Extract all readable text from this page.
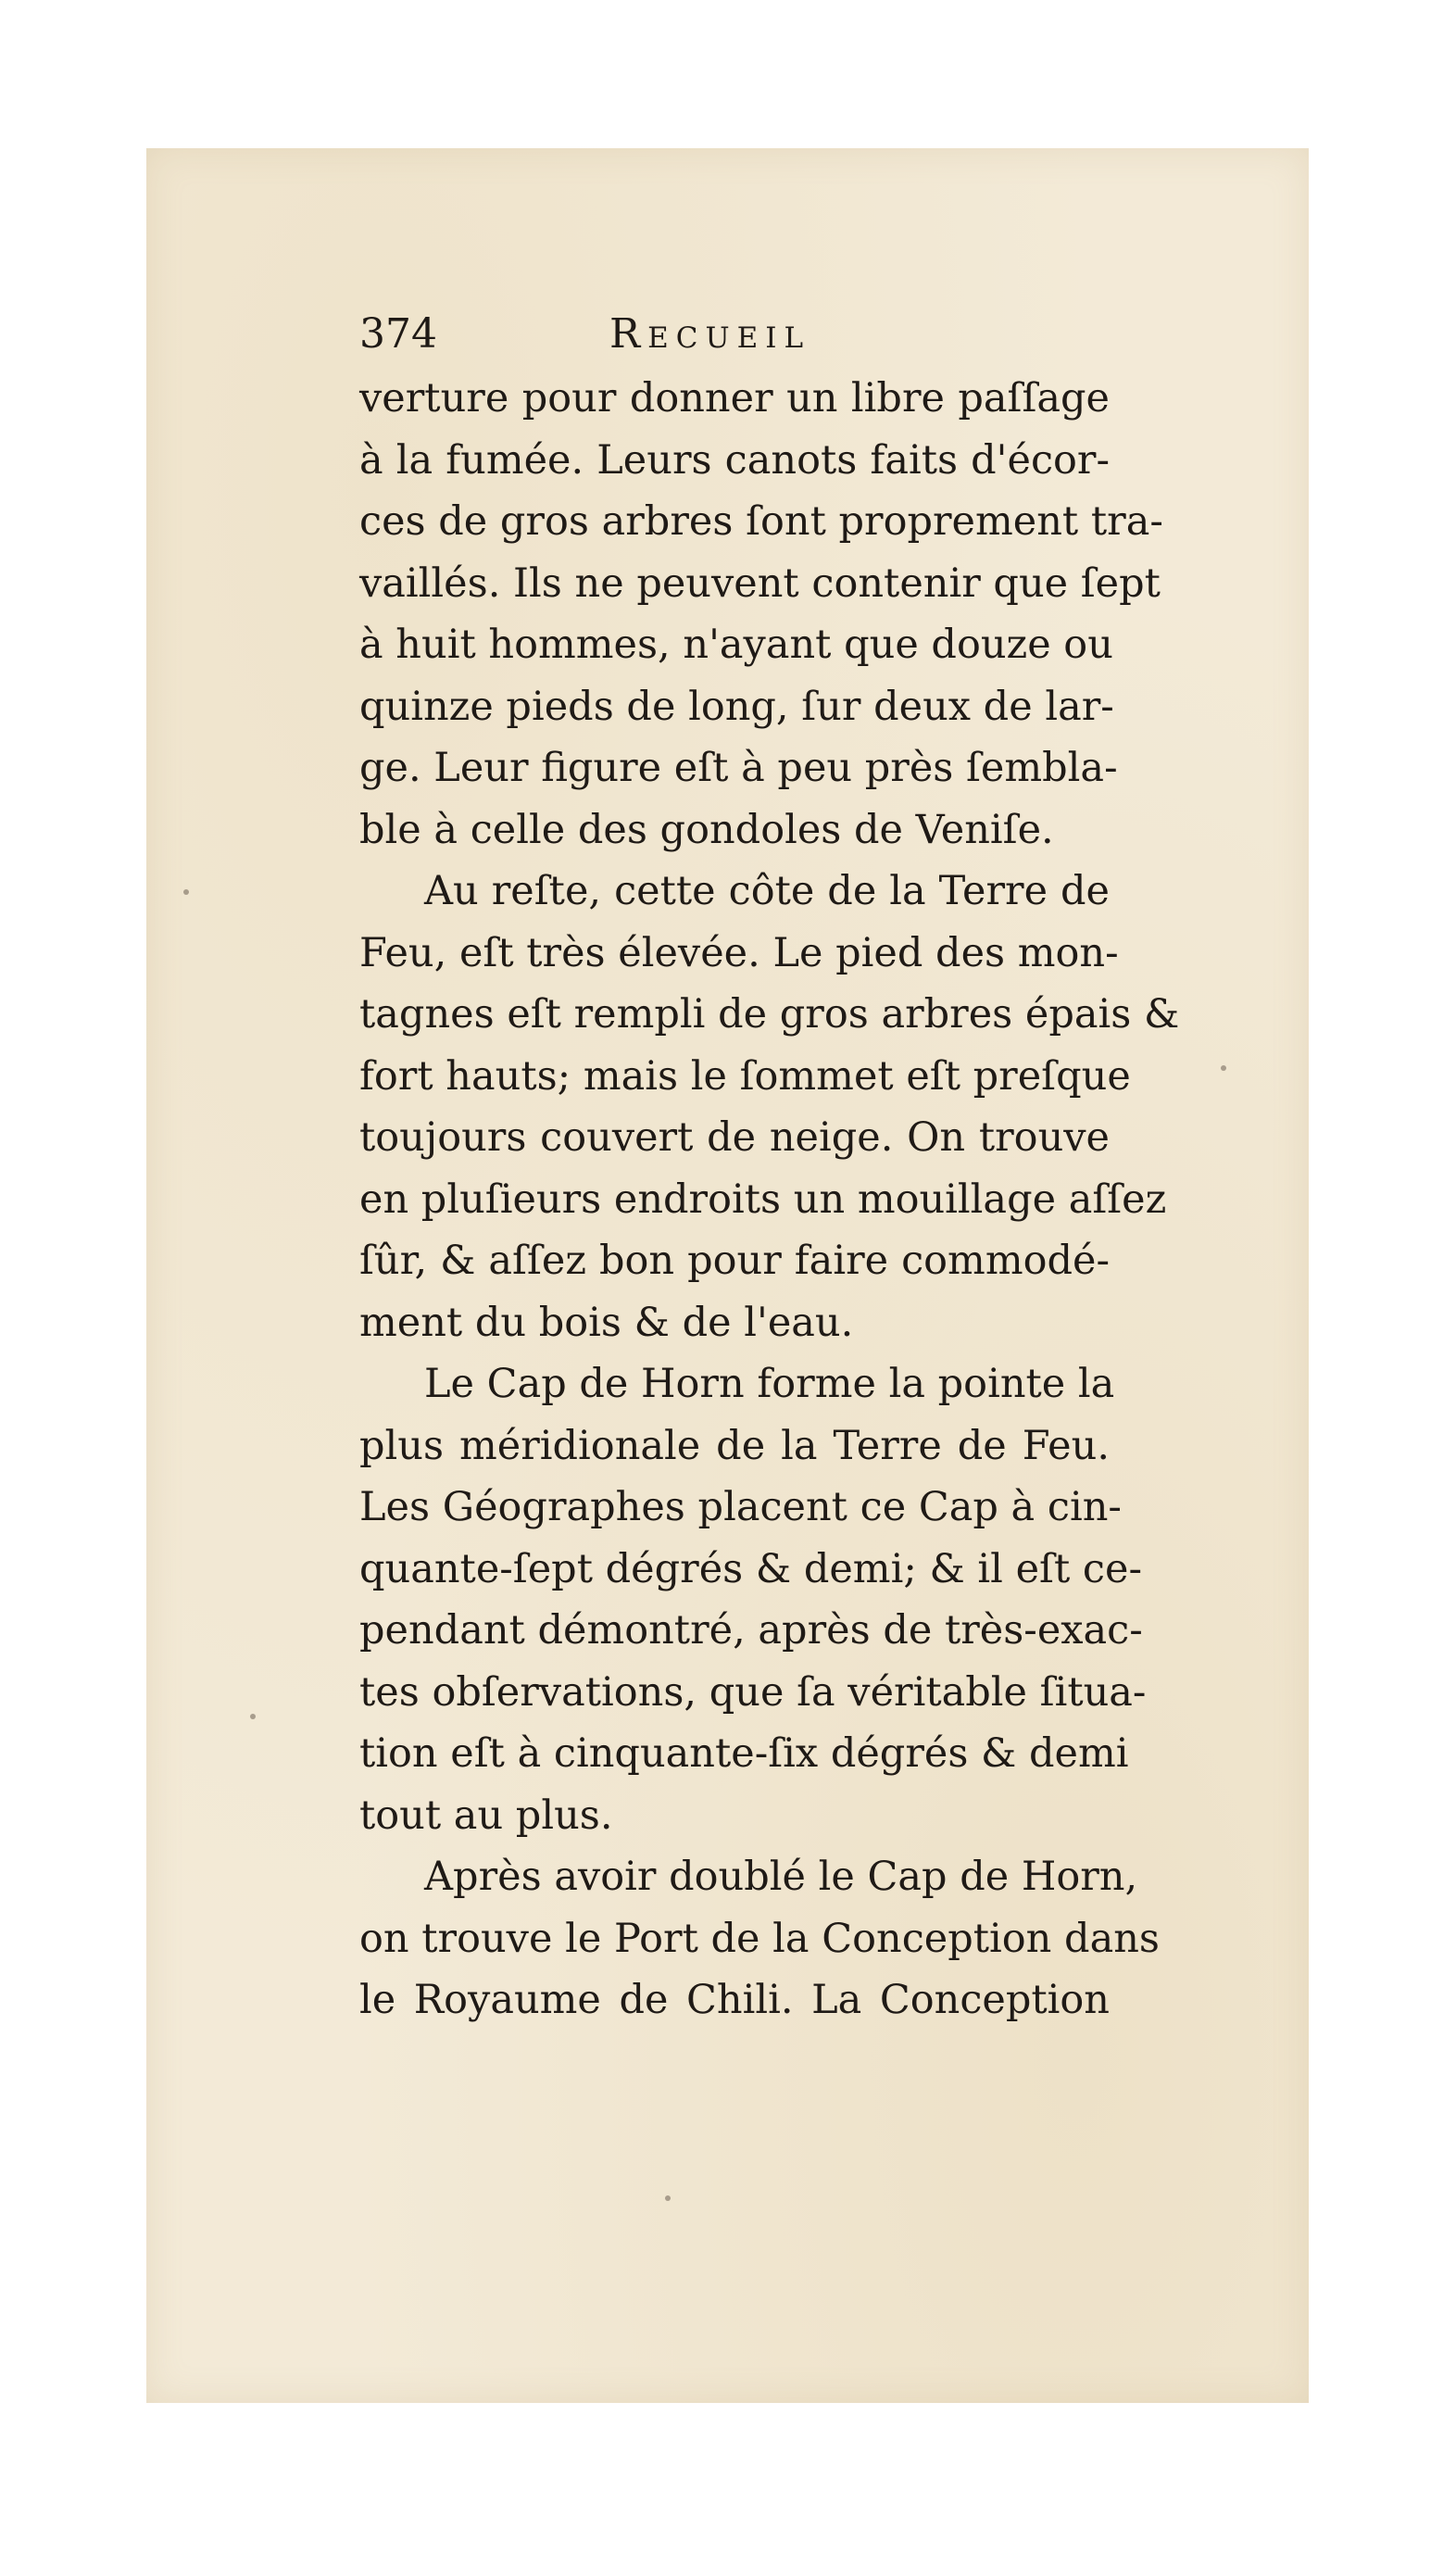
374	Recueil
verture pour donner un libre paſſage
à la fumée. Leurs canots faits d'écor-
ces de gros arbres ſont proprement tra-
vaillés. Ils ne peuvent contenir que ſept
à huit hommes, n'ayant que douze ou
quinze pieds de long, ſur deux de lar-
ge. Leur figure eſt à peu près ſembla-
ble à celle des gondoles de Veniſe.
Au reſte, cette côte de la Terre de
Feu, eſt très élevée. Le pied des mon-
tagnes eſt rempli de gros arbres épais &
fort hauts; mais le ſommet eſt preſque
toujours couvert de neige. On trouve
en pluſieurs endroits un mouillage aſſez
ſûr, & aſſez bon pour faire commodé-
ment du bois & de l'eau.
Le Cap de Horn forme la pointe la
plus méridionale de la Terre de Feu.
Les Géographes placent ce Cap à cin-
quante-ſept dégrés & demi; & il eſt ce-
pendant démontré, après de très-exac-
tes obſervations, que ſa véritable ſitua-
tion eſt à cinquante-ſix dégrés & demi
tout au plus.
Après avoir doublé le Cap de Horn,
on trouve le Port de la Conception dans
le Royaume de Chili. La Conception
